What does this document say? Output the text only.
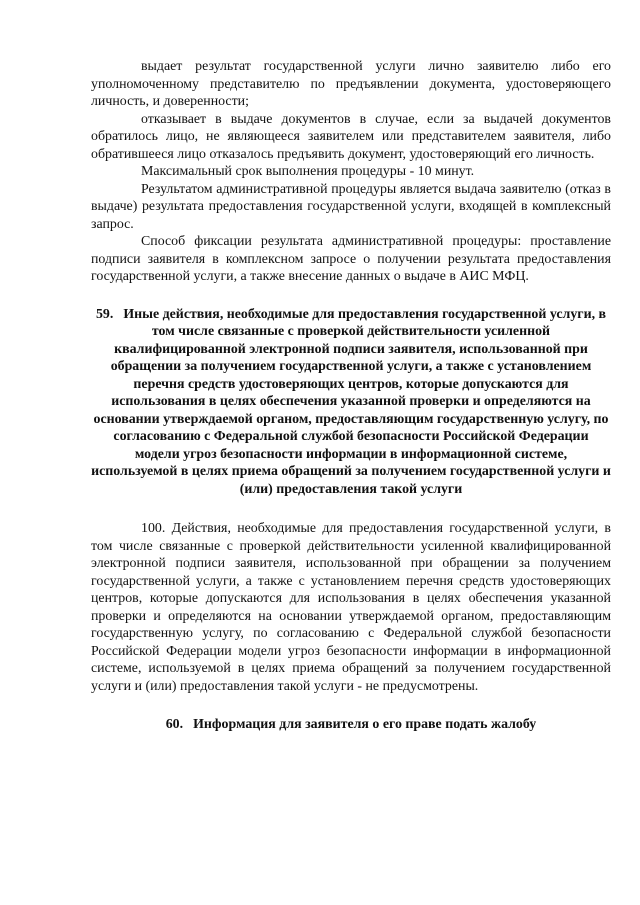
выдает результат государственной услуги лично заявителю либо его уполномоченному представителю по предъявлении документа, удостоверяющего личность, и доверенности;

отказывает в выдаче документов в случае, если за выдачей документов обратилось лицо, не являющееся заявителем или представителем заявителя, либо обратившееся лицо отказалось предъявить документ, удостоверяющий его личность.

Максимальный срок выполнения процедуры - 10 минут.

Результатом административной процедуры является выдача заявителю (отказ в выдаче) результата предоставления государственной услуги, входящей в комплексный запрос.

Способ фиксации результата административной процедуры: проставление подписи заявителя в комплексном запросе о получении результата предоставления государственной услуги, а также внесение данных о выдаче в АИС МФЦ.

59. Иные действия, необходимые для предоставления государственной услуги, в том числе связанные с проверкой действительности усиленной квалифицированной электронной подписи заявителя, использованной при обращении за получением государственной услуги, а также с установлением перечня средств удостоверяющих центров, которые допускаются для использования в целях обеспечения указанной проверки и определяются на основании утверждаемой органом, предоставляющим государственную услугу, по согласованию с Федеральной службой безопасности Российской Федерации модели угроз безопасности информации в информационной системе, используемой в целях приема обращений за получением государственной услуги и (или) предоставления такой услуги

100. Действия, необходимые для предоставления государственной услуги, в том числе связанные с проверкой действительности усиленной квалифицированной электронной подписи заявителя, использованной при обращении за получением государственной услуги, а также с установлением перечня средств удостоверяющих центров, которые допускаются для использования в целях обеспечения указанной проверки и определяются на основании утверждаемой органом, предоставляющим государственную услугу, по согласованию с Федеральной службой безопасности Российской Федерации модели угроз безопасности информации в информационной системе, используемой в целях приема обращений за получением государственной услуги и (или) предоставления такой услуги - не предусмотрены.

60. Информация для заявителя о его праве подать жалобу
